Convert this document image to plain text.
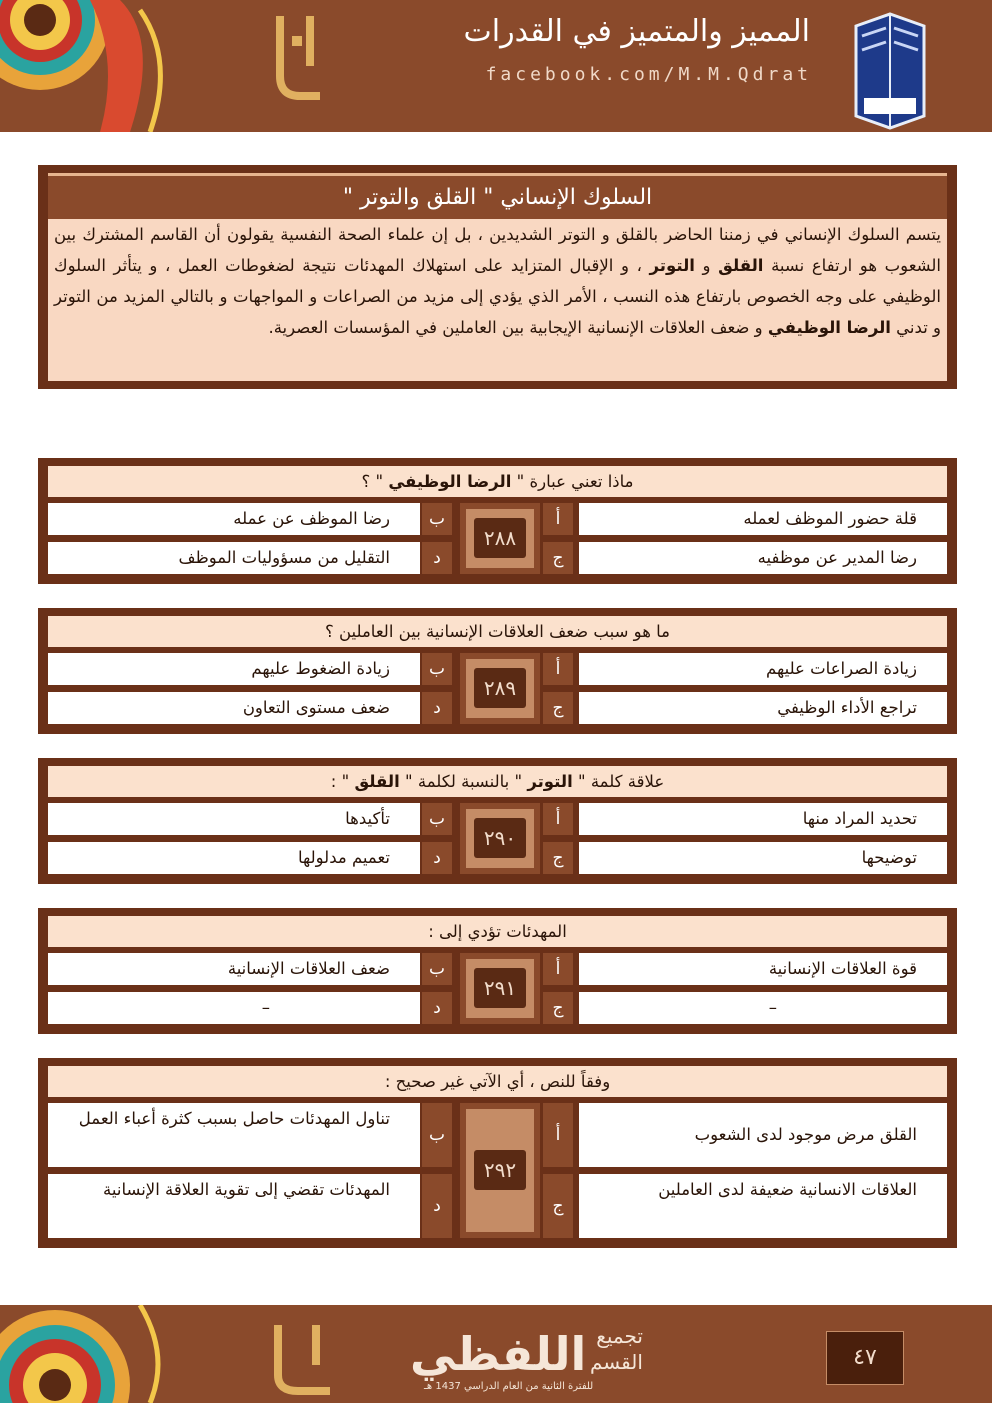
المميز والمتميز في القدرات
facebook.com/M.M.Qdrat
السلوك الإنساني " القلق والتوتر "
يتسم السلوك الإنساني في زمننا الحاضر بالقلق و التوتر الشديدين ، بل إن علماء الصحة النفسية يقولون أن القاسم المشترك بين الشعوب هو ارتفاع نسبة القلق و التوتر ، و الإقبال المتزايد على استهلاك المهدئات نتيجة لضغوطات العمل ، و يتأثر السلوك الوظيفي على وجه الخصوص بارتفاع هذه النسب ، الأمر الذي يؤدي إلى مزيد من الصراعات و المواجهات و بالتالي المزيد من التوتر و تدني الرضا الوظيفي و ضعف العلاقات الإنسانية الإيجابية بين العاملين في المؤسسات العصرية.
ماذا تعني عبارة " الرضا الوظيفي " ؟
قلة حضور الموظف لعمله
أ
رضا الموظف عن عمله	ب
رضا المدير عن موظفيه
ج
التقليل من مسؤوليات الموظف	د
٢٨٨
ما هو سبب ضعف العلاقات الإنسانية بين العاملين ؟
زيادة الصراعات عليهم
أ
زيادة الضغوط عليهم	ب
تراجع الأداء الوظيفي
ج
ضعف مستوى التعاون	د
٢٨٩
علاقة كلمة " التوتر " بالنسبة لكلمة " القلق " :
تحديد المراد منها
أ
تأكيدها	ب
توضيحها
ج
تعميم مدلولها	د
٢٩٠
المهدئات تؤدي إلى :
قوة العلاقات الإنسانية
أ
ضعف العلاقات الإنسانية	ب
–
ج
–	د
٢٩١
وفقاً للنص ، أي الآتي غير صحيح :
القلق مرض موجود لدى الشعوب
أ
تناول المهدئات حاصل بسبب كثرة أعباء العمل
ب
العلاقات الانسانية ضعيفة لدى العاملين
ج
المهدئات تقضي إلى تقوية العلاقة الإنسانية
د
٢٩٢
اللفظي تجميع
القسم
للفترة الثانية من العام الدراسي 1437 هـ
٤٧
